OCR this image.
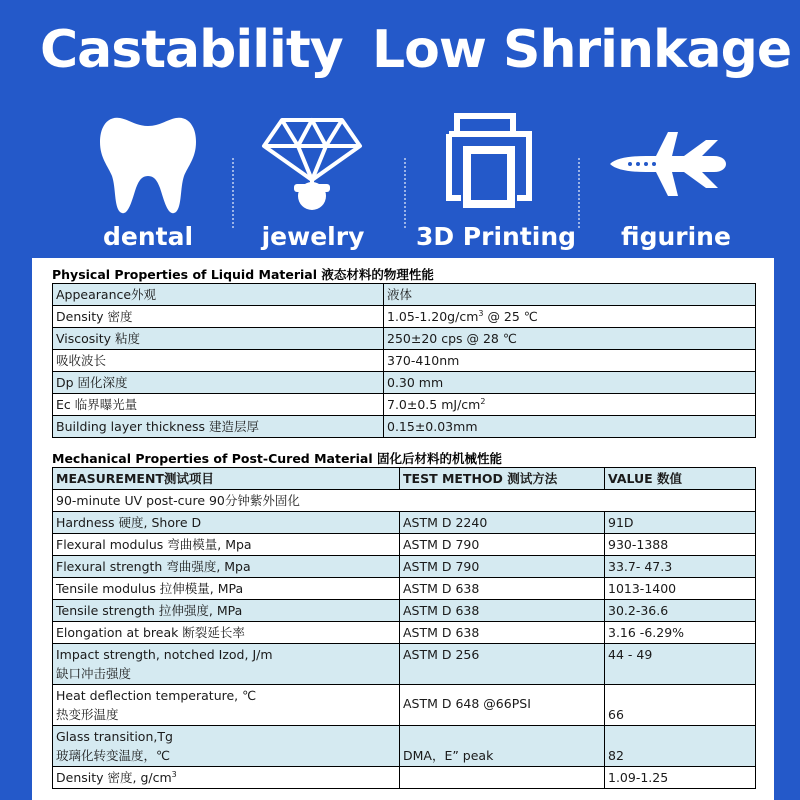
Castability Low Shrinkage
dental	jewelry	3D Printing	figurine
Physical Properties of Liquid Material 液态材料的物理性能
Appearance外观	液体
Density 密度	$1.05-1.20g/cm^3$ @ 25 ℃
Viscosity 粘度	250±20 cps @ 28 ℃
吸收波长	370-410nm
Dp 固化深度	0.30 mm
Ec 临界曝光量	7.0±0.5 $mJ/cm^2$
Building layer thickness 建造层厚	0.15±0.03mm
Mechanical Properties of Post-Cured Material 固化后材料的机械性能
MEASUREMENT测试项目	TEST METHOD 测试方法	VALUE 数值
90-minute UV post-cure 90分钟紫外固化		
Hardness 硬度, Shore D	ASTM D 2240	91D
Flexural modulus 弯曲模量, Mpa	ASTM D 790	930-1388
Flexural strength 弯曲强度, Mpa	ASTM D 790	33.7- 47.3
Tensile modulus 拉伸模量, MPa	ASTM D 638	1013-1400
Tensile strength 拉伸强度, MPa	ASTM D 638	30.2-36.6
Elongation at break 断裂延长率	ASTM D 638	3.16 -6.29%

Impact strength, notched Izod, J/m
缺口冲击强度	ASTM D 256	44 - 49

Heat deflection temperature, ℃
热变形温度	ASTM D 648 @66PSI	66

Glass transition,Tg
玻璃化转变温度，℃	DMA，E” peak	82
Density 密度, $g/cm^3$		1.09-1.25
